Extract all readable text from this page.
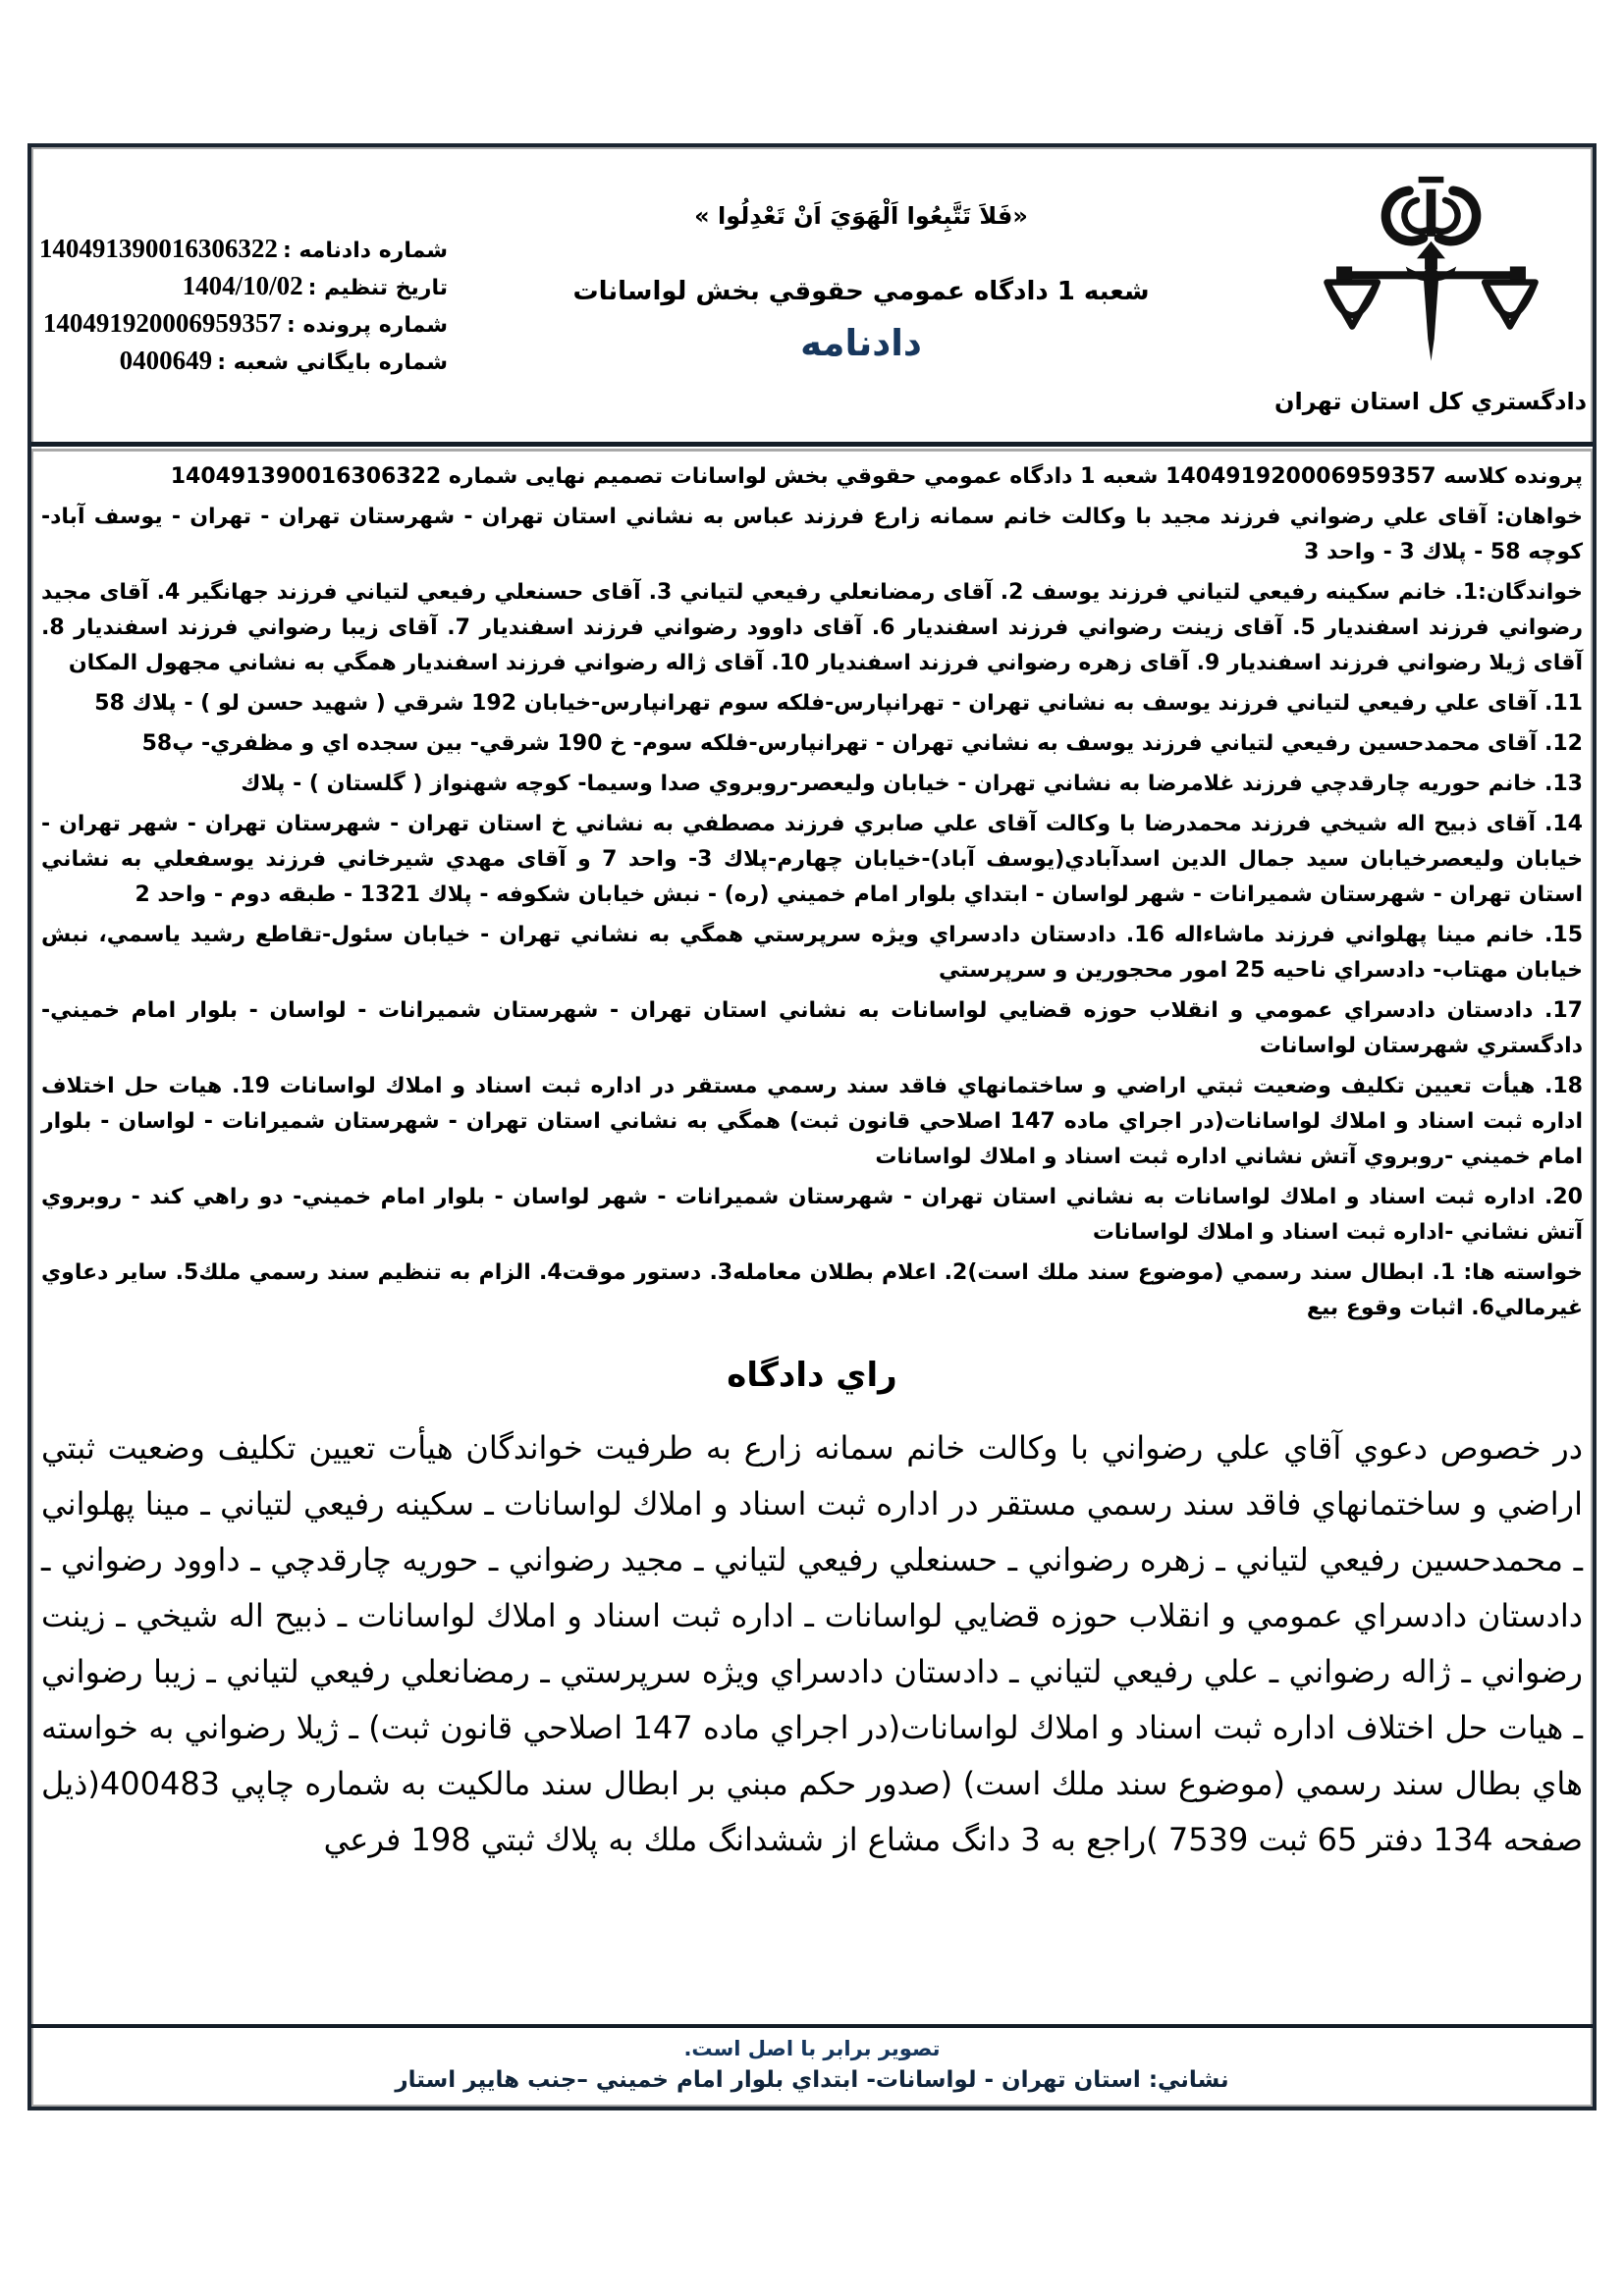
دادگستري کل استان تهران
«فَلاَ تَتَّبِعُوا اَلْهَوَيَ اَنْ تَعْدِلُوا »
شعبه 1 دادگاه عمومي حقوقي بخش لواسانات
دادنامه
شماره دادنامه : 140491390016306322
تاريخ تنظيم : 1404/10/02
شماره پرونده : 140491920006959357
شماره بايگاني شعبه : 0400649

پرونده کلاسه 140491920006959357 شعبه 1 دادگاه عمومي حقوقي بخش لواسانات تصميم نهايی شماره 140491390016306322

خواهان: آقای علي رضواني فرزند مجيد با وکالت خانم سمانه زارع فرزند عباس به نشاني استان تهران - شهرستان تهران - تهران - يوسف آباد- کوچه 58 - پلاك 3 - واحد 3

خواندگان:1. خانم سکينه رفيعي لتياني فرزند يوسف 2. آقای رمضانعلي رفيعي لتياني 3. آقای حسنعلي رفيعي لتياني فرزند جهانگير 4. آقای مجيد رضواني فرزند اسفنديار 5. آقای زينت رضواني فرزند اسفنديار 6. آقای داوود رضواني فرزند اسفنديار 7. آقای زيبا رضواني فرزند اسفنديار 8. آقای ژيلا رضواني فرزند اسفنديار 9. آقای زهره رضواني فرزند اسفنديار 10. آقای ژاله رضواني فرزند اسفنديار همگي به نشاني مجهول المکان

11. آقای علي رفيعي لتياني فرزند يوسف به نشاني تهران - تهرانپارس-فلکه سوم تهرانپارس-خيابان 192 شرقي ( شهيد حسن لو ) - پلاك 58

12. آقای محمدحسين رفيعي لتياني فرزند يوسف به نشاني تهران - تهرانپارس-فلکه سوم- خ 190 شرقي- بين سجده اي و مظفري- پ58

13. خانم حوريه چارقدچي فرزند غلامرضا به نشاني تهران - خيابان وليعصر-روبروي صدا وسيما- کوچه شهنواز ( گلستان ) - پلاك

14. آقای ذبيح اله شيخي فرزند محمدرضا با وکالت آقای علي صابري فرزند مصطفي به نشاني خ استان تهران - شهرستان تهران - شهر تهران - خيابان وليعصرخيابان سيد جمال الدين اسدآبادي(يوسف آباد)-خيابان چهارم-پلاك 3- واحد 7 و آقای مهدي شيرخاني فرزند يوسفعلي به نشاني استان تهران - شهرستان شميرانات - شهر لواسان - ابتداي بلوار امام خميني (ره) - نبش خيابان شکوفه - پلاك 1321 - طبقه دوم - واحد 2

15. خانم مينا پهلواني فرزند ماشاءاله 16. دادستان دادسراي ويژه سرپرستي همگي به نشاني تهران - خيابان سئول-تقاطع رشيد ياسمي، نبش خيابان مهتاب- دادسراي ناحيه 25 امور محجورين و سرپرستي

17. دادستان دادسراي عمومي و انقلاب حوزه قضايي لواسانات به نشاني استان تهران - شهرستان شميرانات - لواسان - بلوار امام خميني- دادگستري شهرستان لواسانات

18. هيأت تعيين تکليف وضعيت ثبتي اراضي و ساختمانهاي فاقد سند رسمي مستقر در اداره ثبت اسناد و املاك لواسانات 19. هيات حل اختلاف اداره ثبت اسناد و املاك لواسانات(در اجراي ماده 147 اصلاحي قانون ثبت) همگي به نشاني استان تهران - شهرستان شميرانات - لواسان - بلوار امام خميني -روبروي آتش نشاني اداره ثبت اسناد و املاك لواسانات

20. اداره ثبت اسناد و املاك لواسانات به نشاني استان تهران - شهرستان شميرانات - شهر لواسان - بلوار امام خميني- دو راهي کند - روبروي آتش نشاني -اداره ثبت اسناد و املاك لواسانات

خواسته ها: 1. ابطال سند رسمي (موضوع سند ملك است)2. اعلام بطلان معامله3. دستور موقت4. الزام به تنظيم سند رسمي ملك5. ساير دعاوي غيرمالي6. اثبات وقوع بيع

راي دادگاه

در خصوص دعوي آقاي علي رضواني با وکالت خانم سمانه زارع به طرفيت خواندگان هيأت تعيين تکليف وضعيت ثبتي اراضي و ساختمانهاي فاقد سند رسمي مستقر در اداره ثبت اسناد و املاك لواسانات ـ سکينه رفيعي لتياني ـ مينا پهلواني ـ محمدحسين رفيعي لتياني ـ زهره رضواني ـ حسنعلي رفيعي لتياني ـ مجيد رضواني ـ حوريه چارقدچي ـ داوود رضواني ـ دادستان دادسراي عمومي و انقلاب حوزه قضايي لواسانات ـ اداره ثبت اسناد و املاك لواسانات ـ ذبيح اله شيخي ـ زينت رضواني ـ ژاله رضواني ـ علي رفيعي لتياني ـ دادستان دادسراي ويژه سرپرستي ـ رمضانعلي رفيعي لتياني ـ زيبا رضواني ـ هيات حل اختلاف اداره ثبت اسناد و املاك لواسانات(در اجراي ماده 147 اصلاحي قانون ثبت) ـ ژيلا رضواني به خواسته هاي بطال سند رسمي (موضوع سند ملك است) (صدور حکم مبني بر ابطال سند مالکيت به شماره چاپي 400483(ذيل صفحه 134 دفتر 65 ثبت 7539 )راجع به 3 دانگ مشاع از ششدانگ ملك به پلاك ثبتي 198 فرعي

تصویر برابر با اصل است.
نشاني: استان تهران - لواسانات- ابتداي بلوار امام خميني –جنب هايپر استار
